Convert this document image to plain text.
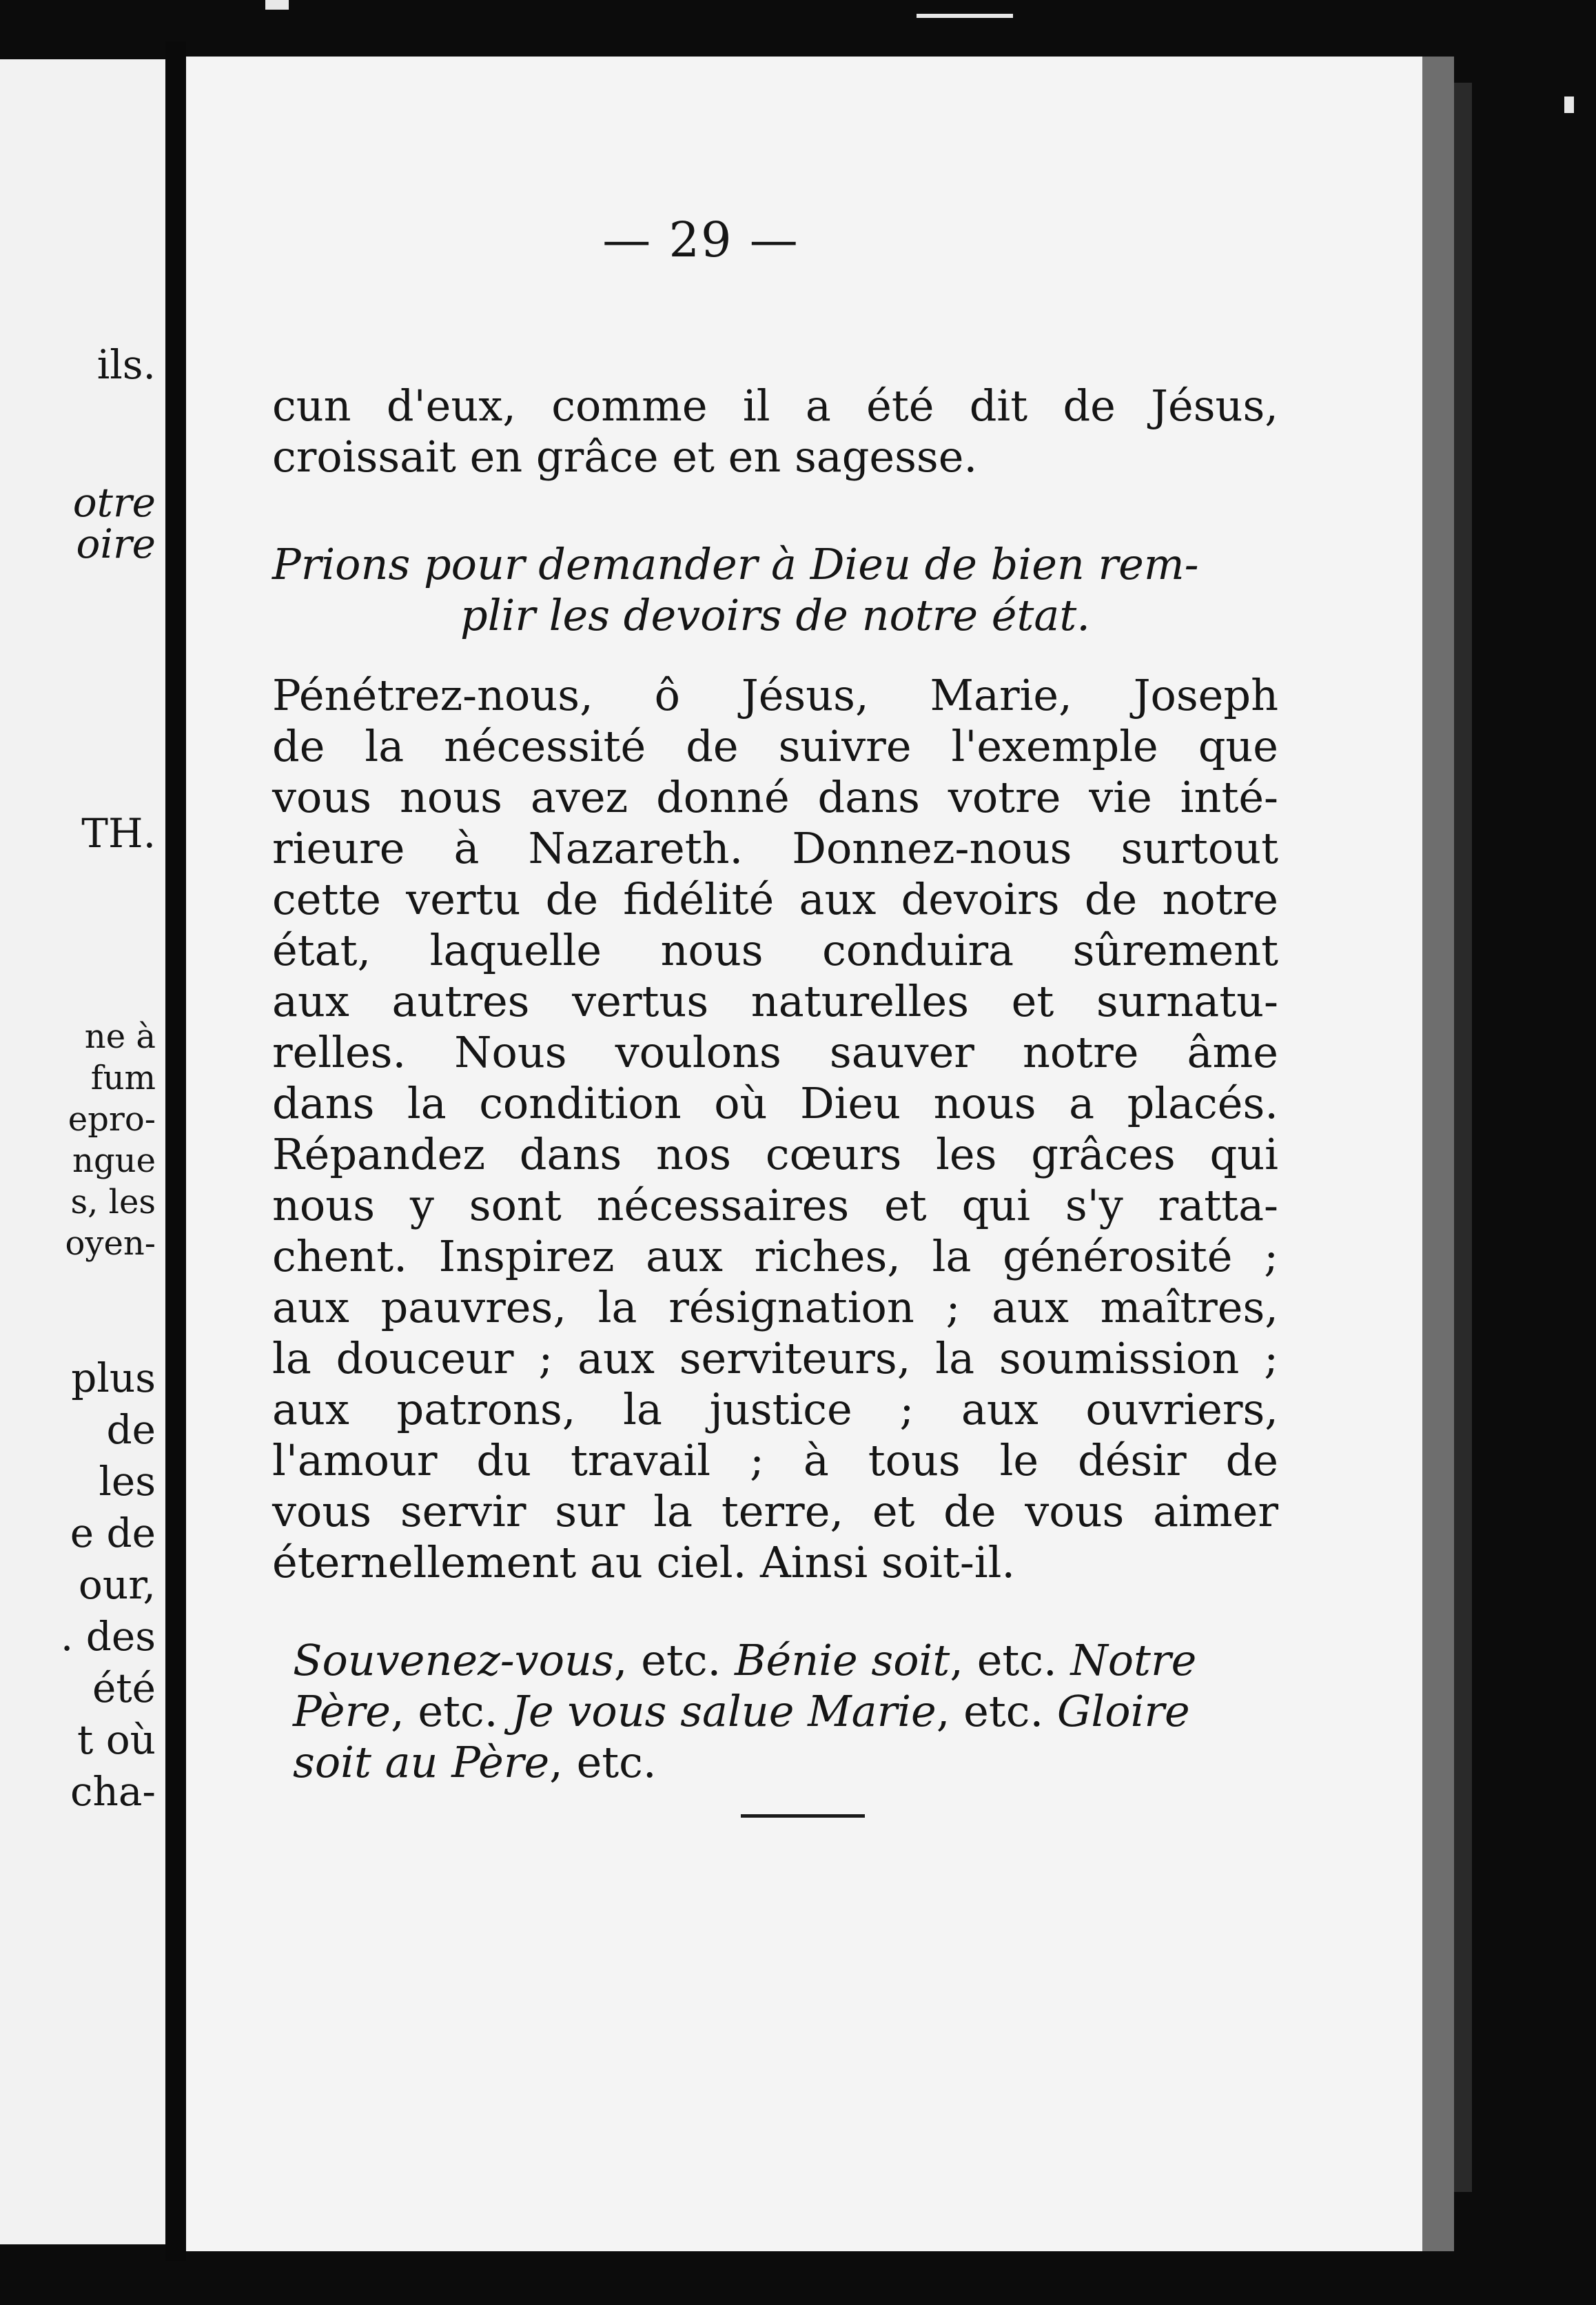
ils.
otre
oire
TH.
ne à
fum
epro-
ngue
s, les
oyen-
plus
de
les
e de
our,
. des
été
t où
cha-
— 29 —
cun d'eux, comme il a été dit de Jésus,
croissait en grâce et en sagesse.
Prions pour demander à Dieu de bien rem-
plir les devoirs de notre état.
Pénétrez-nous, ô Jésus, Marie, Joseph
de la nécessité de suivre l'exemple que
vous nous avez donné dans votre vie inté-
rieure à Nazareth. Donnez-nous surtout
cette vertu de fidélité aux devoirs de notre
état, laquelle nous conduira sûrement
aux autres vertus naturelles et surnatu-
relles. Nous voulons sauver notre âme
dans la condition où Dieu nous a placés.
Répandez dans nos cœurs les grâces qui
nous y sont nécessaires et qui s'y ratta-
chent. Inspirez aux riches, la générosité ;
aux pauvres, la résignation ; aux maîtres,
la douceur ; aux serviteurs, la soumission ;
aux patrons, la justice ; aux ouvriers,
l'amour du travail ; à tous le désir de
vous servir sur la terre, et de vous aimer
éternellement au ciel. Ainsi soit-il.
Souvenez-vous, etc. Bénie soit, etc. Notre
Père, etc. Je vous salue Marie, etc. Gloire
soit au Père, etc.
